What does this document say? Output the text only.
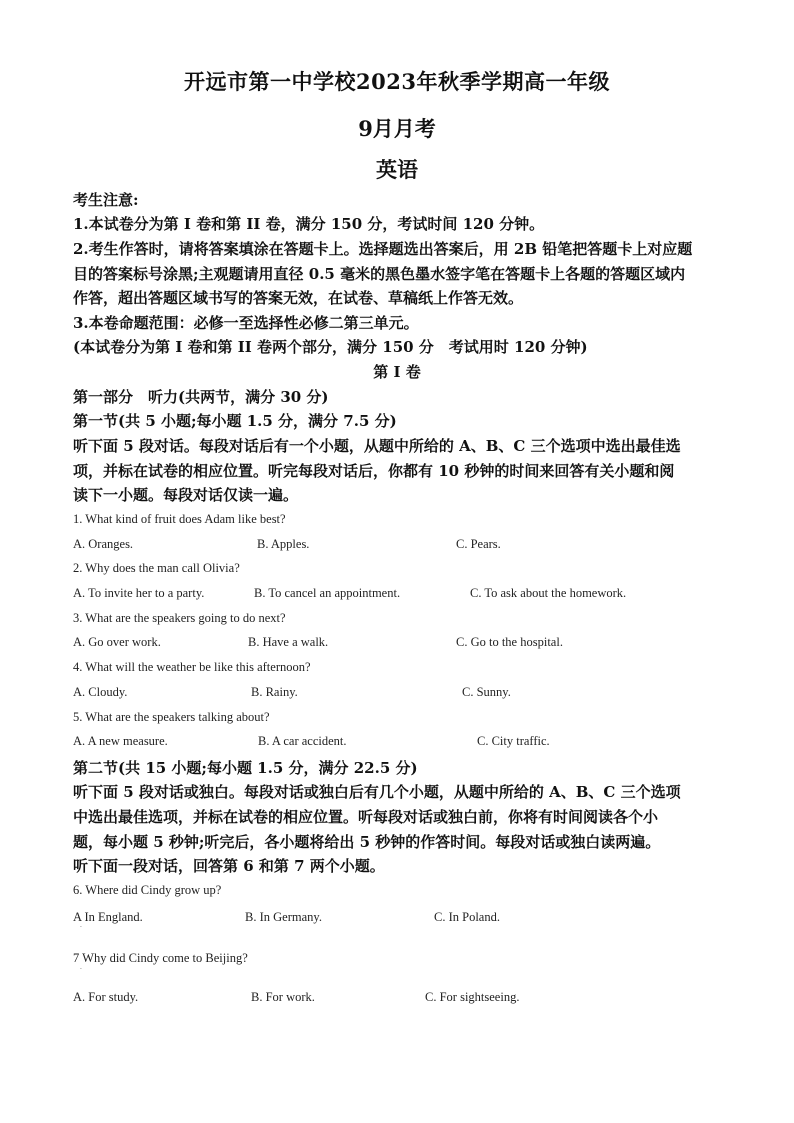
开远市第一中学校2023年秋季学期高一年级
9月月考
英语
考生注意:
1.本试卷分为第 I 卷和第 II 卷，满分 150 分，考试时间 120 分钟。
2.考生作答时，请将答案填涂在答题卡上。选择题选出答案后，用 2B 铅笔把答题卡上对应题
目的答案标号涂黑;主观题请用直径 0.5 毫米的黑色墨水签字笔在答题卡上各题的答题区域内
作答，超出答题区域书写的答案无效，在试卷、草稿纸上作答无效。
3.本卷命题范围：必修一至选择性必修二第三单元。
(本试卷分为第 I 卷和第 II 卷两个部分，满分 150 分　考试用时 120 分钟)
第 I 卷
第一部分　听力(共两节，满分 30 分)
第一节(共 5 小题;每小题 1.5 分，满分 7.5 分)
听下面 5 段对话。每段对话后有一个小题，从题中所给的 A、B、C 三个选项中选出最佳选
项，并标在试卷的相应位置。听完每段对话后，你都有 10 秒钟的时间来回答有关小题和阅
读下一小题。每段对话仅读一遍。
1. What kind of fruit does Adam like best?
A. Oranges.	B. Apples.	C. Pears.
2. Why does the man call Olivia?
A. To invite her to a party.	B. To cancel an appointment.	C. To ask about the homework.
3. What are the speakers going to do next?
A. Go over work.	B. Have a walk.	C. Go to the hospital.
4. What will the weather be like this afternoon?
A. Cloudy.	B. Rainy.	C. Sunny.
5. What are the speakers talking about?
A. A new measure.	B. A car accident.	C. City traffic.
第二节(共 15 小题;每小题 1.5 分，满分 22.5 分)
听下面 5 段对话或独白。每段对话或独白后有几个小题，从题中所给的 A、B、C 三个选项
中选出最佳选项，并标在试卷的相应位置。听每段对话或独白前，你将有时间阅读各个小
题，每小题 5 秒钟;听完后，各小题将给出 5 秒钟的作答时间。每段对话或独白读两遍。
听下面一段对话，回答第 6 和第 7 两个小题。
6. Where did Cindy grow up?
A In England.
·
B. In Germany.	C. In Poland.
7 Why did Cindy come to Beijing?
·
A. For study.	B. For work.	C. For sightseeing.
